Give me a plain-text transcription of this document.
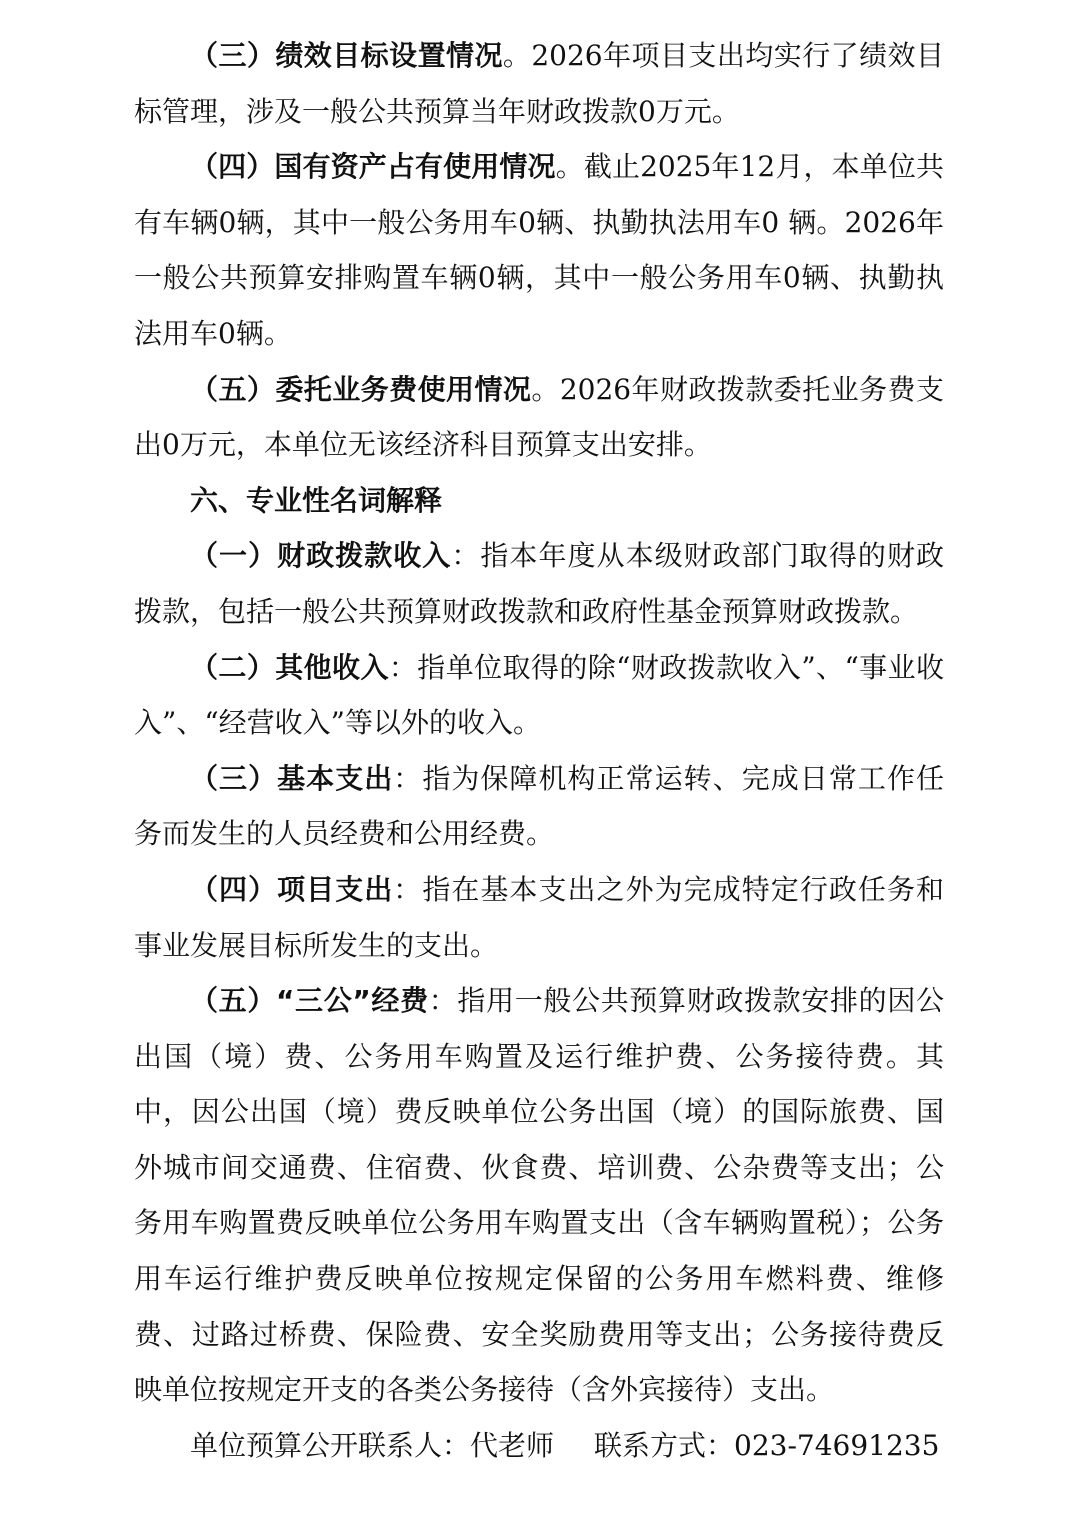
（三）绩效目标设置情况。2026年项目支出均实行了绩效目标管理，涉及一般公共预算当年财政拨款0万元。

（四）国有资产占有使用情况。截止2025年12月，本单位共有车辆0辆，其中一般公务用车0辆、执勤执法用车0 辆。2026年一般公共预算安排购置车辆0辆，其中一般公务用车0辆、执勤执法用车0辆。

（五）委托业务费使用情况。2026年财政拨款委托业务费支出0万元，本单位无该经济科目预算支出安排。

六、专业性名词解释

（一）财政拨款收入：指本年度从本级财政部门取得的财政拨款，包括一般公共预算财政拨款和政府性基金预算财政拨款。

（二）其他收入：指单位取得的除“财政拨款收入”、“事业收入”、“经营收入”等以外的收入。

（三）基本支出：指为保障机构正常运转、完成日常工作任务而发生的人员经费和公用经费。

（四）项目支出：指在基本支出之外为完成特定行政任务和事业发展目标所发生的支出。

（五）“三公”经费：指用一般公共预算财政拨款安排的因公出国（境）费、公务用车购置及运行维护费、公务接待费。其中，因公出国（境）费反映单位公务出国（境）的国际旅费、国外城市间交通费、住宿费、伙食费、培训费、公杂费等支出；公务用车购置费反映单位公务用车购置支出（含车辆购置税）；公务用车运行维护费反映单位按规定保留的公务用车燃料费、维修费、过路过桥费、保险费、安全奖励费用等支出；公务接待费反映单位按规定开支的各类公务接待（含外宾接待）支出。

单位预算公开联系人：代老师 联系方式：023-74691235
